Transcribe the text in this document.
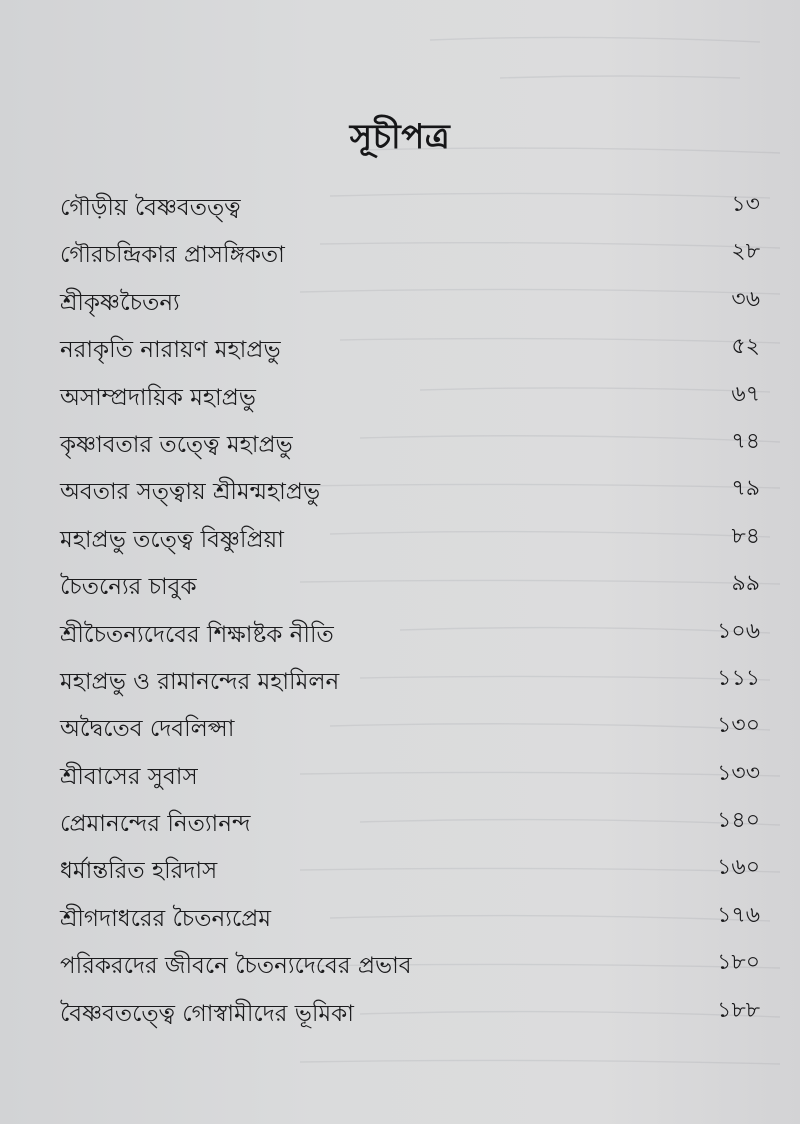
সূচীপত্র
গৌড়ীয় বৈষ্ণবতত্ত্ব	১৩
গৌরচন্দ্রিকার প্রাসঙ্গিকতা	২৮
শ্রীকৃষ্ণচৈতন্য	৩৬
নরাকৃতি নারায়ণ মহাপ্রভু	৫২
অসাম্প্রদায়িক মহাপ্রভু	৬৭
কৃষ্ণাবতার তত্ত্বে মহাপ্রভু	৭৪
অবতার সত্ত্বায় শ্রীমন্মহাপ্রভু	৭৯
মহাপ্রভু তত্ত্বে বিষ্ণুপ্রিয়া	৮৪
চৈতন্যের চাবুক	৯৯
শ্রীচৈতন্যদেবের শিক্ষাষ্টক নীতি	১০৬
মহাপ্রভু ও রামানন্দের মহামিলন	১১১
অদ্বৈতেব দেবলিপ্সা	১৩০
শ্রীবাসের সুবাস	১৩৩
প্রেমানন্দের নিত্যানন্দ	১৪০
ধর্মান্তরিত হরিদাস	১৬০
শ্রীগদাধরের চৈতন্যপ্রেম	১৭৬
পরিকরদের জীবনে চৈতন্যদেবের প্রভাব	১৮০
বৈষ্ণবতত্ত্বে গোস্বামীদের ভূমিকা	১৮৮
